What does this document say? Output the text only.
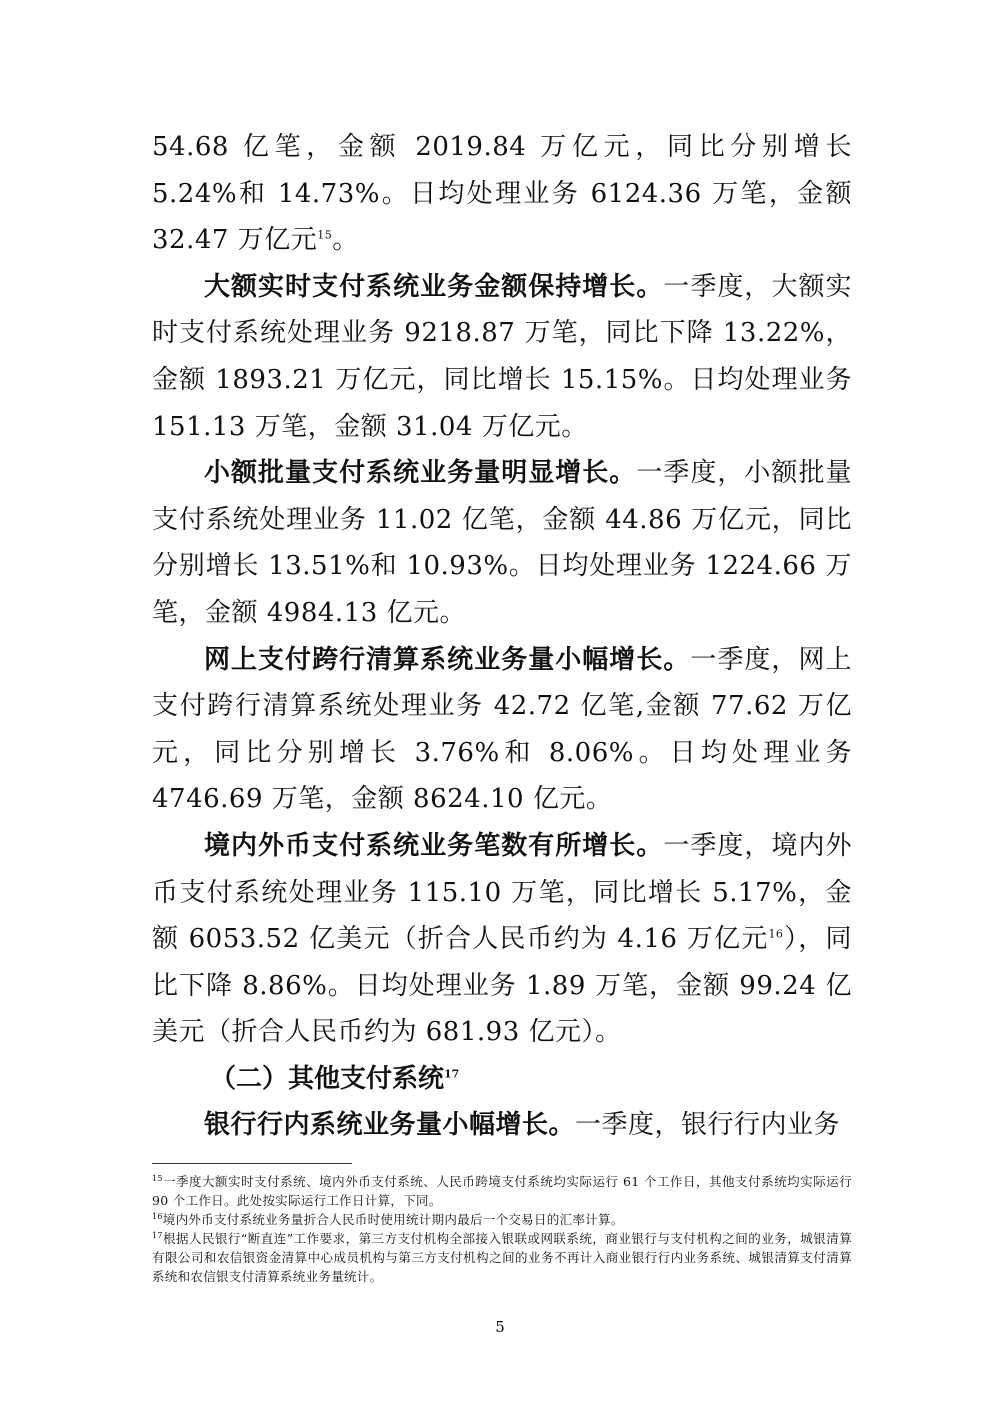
54.68 亿笔，金额 2019.84 万亿元，同比分别增长 5.24%和 14.73%。日均处理业务 6124.36 万笔，金额 32.47 万亿元$^{15}$。

大额实时支付系统业务金额保持增长。一季度，大额实时支付系统处理业务 9218.87 万笔，同比下降 13.22%，金额 1893.21 万亿元，同比增长 15.15%。日均处理业务 151.13 万笔，金额 31.04 万亿元。

小额批量支付系统业务量明显增长。一季度，小额批量支付系统处理业务 11.02 亿笔，金额 44.86 万亿元，同比分别增长 13.51%和 10.93%。日均处理业务 1224.66 万笔，金额 4984.13 亿元。

网上支付跨行清算系统业务量小幅增长。一季度，网上支付跨行清算系统处理业务 42.72 亿笔,金额 77.62 万亿元，同比分别增长 3.76%和 8.06%。日均处理业务 4746.69 万笔，金额 8624.10 亿元。

境内外币支付系统业务笔数有所增长。一季度，境内外币支付系统处理业务 115.10 万笔，同比增长 5.17%，金额 6053.52 亿美元（折合人民币约为 4.16 万亿元$^{16}$），同比下降 8.86%。日均处理业务 1.89 万笔，金额 99.24 亿美元（折合人民币约为 681.93 亿元）。

（二）其他支付系统$^{17}$

银行行内系统业务量小幅增长。一季度，银行行内业务

$^{15}$一季度大额实时支付系统、境内外币支付系统、人民币跨境支付系统均实际运行 61 个工作日，其他支付系统均实际运行 90 个工作日。此处按实际运行工作日计算，下同。

$^{16}$境内外币支付系统业务量折合人民币时使用统计期内最后一个交易日的汇率计算。

$^{17}$根据人民银行“断直连”工作要求，第三方支付机构全部接入银联或网联系统，商业银行与支付机构之间的业务，城银清算有限公司和农信银资金清算中心成员机构与第三方支付机构之间的业务不再计入商业银行行内业务系统、城银清算支付清算系统和农信银支付清算系统业务量统计。

5
